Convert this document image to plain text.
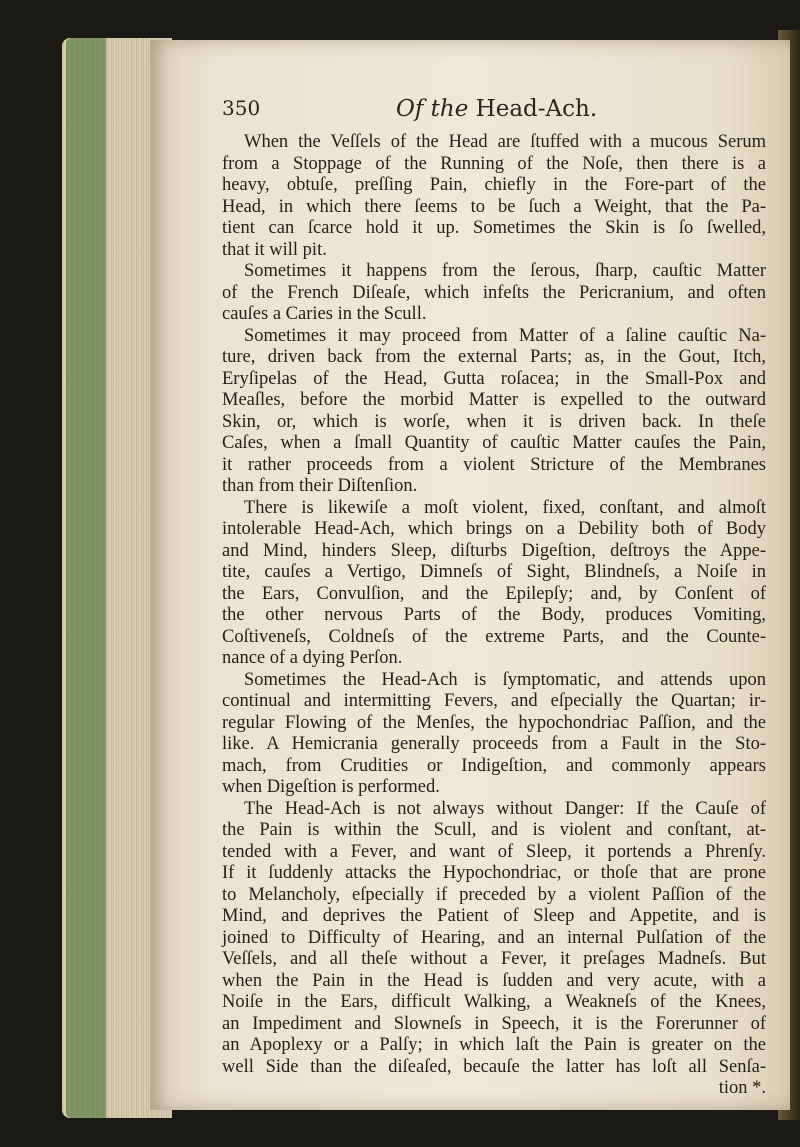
350	Of the Head-Ach.
When the Veſſels of the Head are ſtuffed with a mucous Serum
from a Stoppage of the Running of the Noſe, then there is a
heavy, obtuſe, preſſing Pain, chiefly in the Fore-part of the
Head, in which there ſeems to be ſuch a Weight, that the Pa-
tient can ſcarce hold it up. Sometimes the Skin is ſo ſwelled,
that it will pit.
Sometimes it happens from the ſerous, ſharp, cauſtic Matter
of the French Diſeaſe, which infeſts the Pericranium, and often
cauſes a Caries in the Scull.
Sometimes it may proceed from Matter of a ſaline cauſtic Na-
ture, driven back from the external Parts; as, in the Gout, Itch,
Eryſipelas of the Head, Gutta roſacea; in the Small-Pox and
Meaſles, before the morbid Matter is expelled to the outward
Skin, or, which is worſe, when it is driven back. In theſe
Caſes, when a ſmall Quantity of cauſtic Matter cauſes the Pain,
it rather proceeds from a violent Stricture of the Membranes
than from their Diſtenſion.
There is likewiſe a moſt violent, fixed, conſtant, and almoſt
intolerable Head-Ach, which brings on a Debility both of Body
and Mind, hinders Sleep, diſturbs Digeſtion, deſtroys the Appe-
tite, cauſes a Vertigo, Dimneſs of Sight, Blindneſs, a Noiſe in
the Ears, Convulſion, and the Epilepſy; and, by Conſent of
the other nervous Parts of the Body, produces Vomiting,
Coſtiveneſs, Coldneſs of the extreme Parts, and the Counte-
nance of a dying Perſon.
Sometimes the Head-Ach is ſymptomatic, and attends upon
continual and intermitting Fevers, and eſpecially the Quartan; ir-
regular Flowing of the Menſes, the hypochondriac Paſſion, and the
like. A Hemicrania generally proceeds from a Fault in the Sto-
mach, from Crudities or Indigeſtion, and commonly appears
when Digeſtion is performed.
The Head-Ach is not always without Danger: If the Cauſe of
the Pain is within the Scull, and is violent and conſtant, at-
tended with a Fever, and want of Sleep, it portends a Phrenſy.
If it ſuddenly attacks the Hypochondriac, or thoſe that are prone
to Melancholy, eſpecially if preceded by a violent Paſſion of the
Mind, and deprives the Patient of Sleep and Appetite, and is
joined to Difficulty of Hearing, and an internal Pulſation of the
Veſſels, and all theſe without a Fever, it preſages Madneſs. But
when the Pain in the Head is ſudden and very acute, with a
Noiſe in the Ears, difficult Walking, a Weakneſs of the Knees,
an Impediment and Slowneſs in Speech, it is the Forerunner of
an Apoplexy or a Palſy; in which laſt the Pain is greater on the
well Side than the diſeaſed, becauſe the latter has loſt all Senſa-
tion *.
